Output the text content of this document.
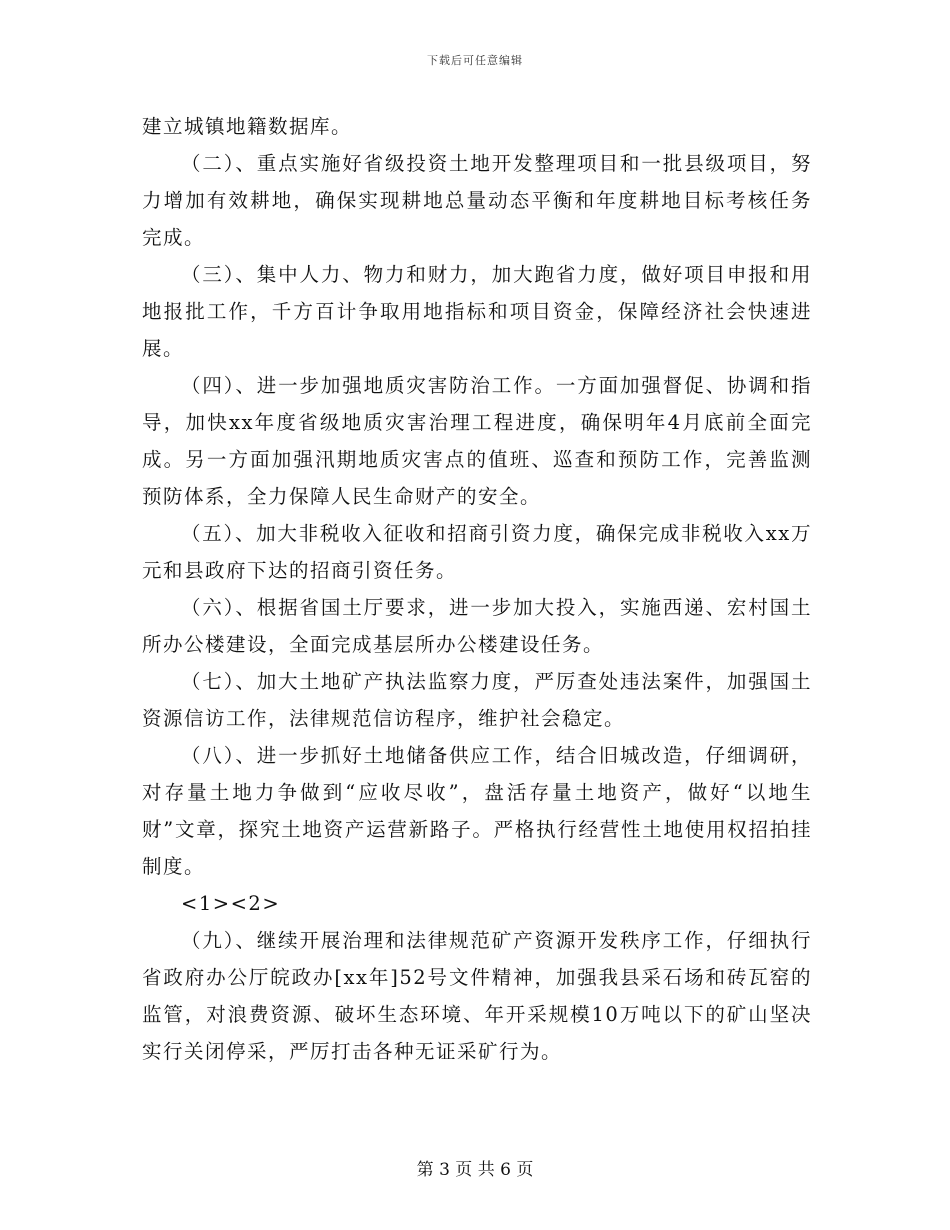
下载后可任意编辑

建立城镇地籍数据库。

（二）、重点实施好省级投资土地开发整理项目和一批县级项目，努力增加有效耕地，确保实现耕地总量动态平衡和年度耕地目标考核任务完成。

（三）、集中人力、物力和财力，加大跑省力度，做好项目申报和用地报批工作，千方百计争取用地指标和项目资金，保障经济社会快速进展。

（四）、进一步加强地质灾害防治工作。一方面加强督促、协调和指导，加快xx年度省级地质灾害治理工程进度，确保明年4月底前全面完成。另一方面加强汛期地质灾害点的值班、巡查和预防工作，完善监测预防体系，全力保障人民生命财产的安全。

（五）、加大非税收入征收和招商引资力度，确保完成非税收入xx万元和县政府下达的招商引资任务。

（六）、根据省国土厅要求，进一步加大投入，实施西递、宏村国土所办公楼建设，全面完成基层所办公楼建设任务。

（七）、加大土地矿产执法监察力度，严厉查处违法案件，加强国土资源信访工作，法律规范信访程序，维护社会稳定。

（八）、进一步抓好土地储备供应工作，结合旧城改造，仔细调研，对存量土地力争做到“应收尽收”，盘活存量土地资产，做好“以地生财”文章，探究土地资产运营新路子。严格执行经营性土地使用权招拍挂制度。

<1><2>

（九）、继续开展治理和法律规范矿产资源开发秩序工作，仔细执行省政府办公厅皖政办[xx年]52号文件精神，加强我县采石场和砖瓦窑的监管，对浪费资源、破坏生态环境、年开采规模10万吨以下的矿山坚决实行关闭停采，严厉打击各种无证采矿行为。

第 3 页 共 6 页
